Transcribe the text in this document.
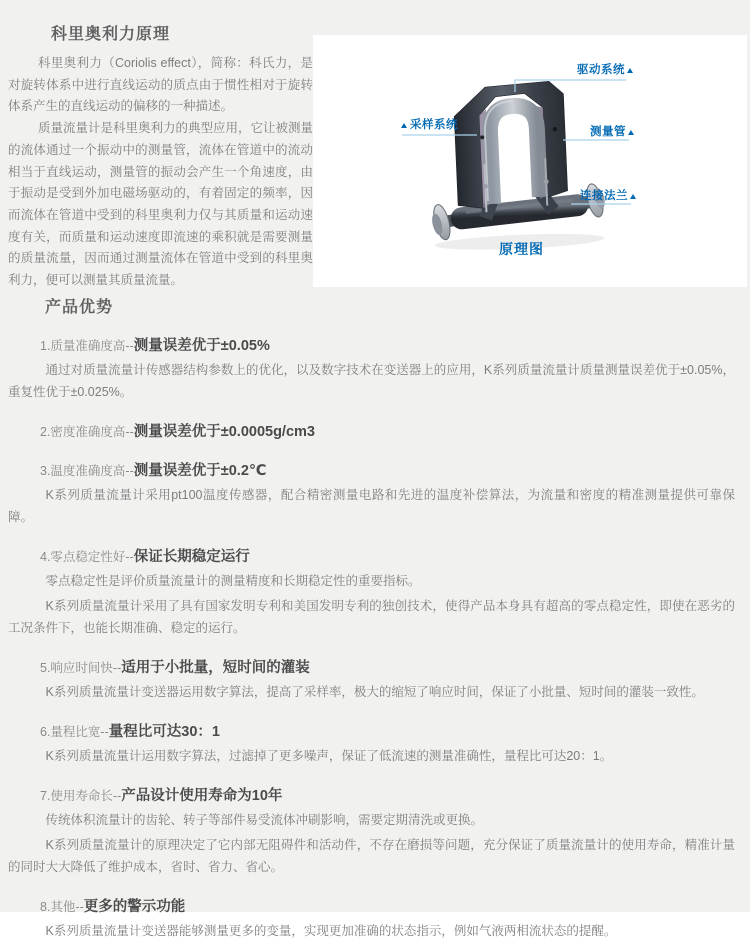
科里奥利力原理

科里奥利力（Coriolis effect），简称：科氏力，是对旋转体系中进行直线运动的质点由于惯性相对于旋转体系产生的直线运动的偏移的一种描述。

质量流量计是科里奥利力的典型应用，它让被测量的流体通过一个振动中的测量管，流体在管道中的流动相当于直线运动，测量管的振动会产生一个角速度，由于振动是受到外加电磁场驱动的，有着固定的频率，因而流体在管道中受到的科里奥利力仅与其质量和运动速度有关，而质量和运动速度即流速的乘积就是需要测量的质量流量，因而通过测量流体在管道中受到的科里奥利力，便可以测量其质量流量。

驱动系统
采样系统
测量管
连接法兰
原理图
产品优势
1.质量准确度高--测量误差优于±0.05%

通过对质量流量计传感器结构参数上的优化，以及数字技术在变送器上的应用，K系列质量流量计质量测量误差优于±0.05%，重复性优于±0.025%。

2.密度准确度高--测量误差优于±0.0005g/cm3
3.温度准确度高--测量误差优于±0.2℃

K系列质量流量计采用pt100温度传感器，配合精密测量电路和先进的温度补偿算法，为流量和密度的精准测量提供可靠保障。

4.零点稳定性好--保证长期稳定运行

零点稳定性是评价质量流量计的测量精度和长期稳定性的重要指标。

K系列质量流量计采用了具有国家发明专利和美国发明专利的独创技术，使得产品本身具有超高的零点稳定性，即使在恶劣的工况条件下，也能长期准确、稳定的运行。

5.响应时间快--适用于小批量，短时间的灌装

K系列质量流量计变送器运用数字算法，提高了采样率，极大的缩短了响应时间，保证了小批量、短时间的灌装一致性。

6.量程比宽--量程比可达30：1

K系列质量流量计运用数字算法，过滤掉了更多噪声，保证了低流速的测量准确性，量程比可达20：1。

7.使用寿命长--产品设计使用寿命为10年

传统体积流量计的齿轮、转子等部件易受流体冲刷影响，需要定期清洗或更换。

K系列质量流量计的原理决定了它内部无阻碍件和活动件，不存在磨损等问题，充分保证了质量流量计的使用寿命，精准计量的同时大大降低了维护成本，省时、省力、省心。

8.其他--更多的警示功能

K系列质量流量计变送器能够测量更多的变量，实现更加准确的状态指示，例如气液两相流状态的提醒。
